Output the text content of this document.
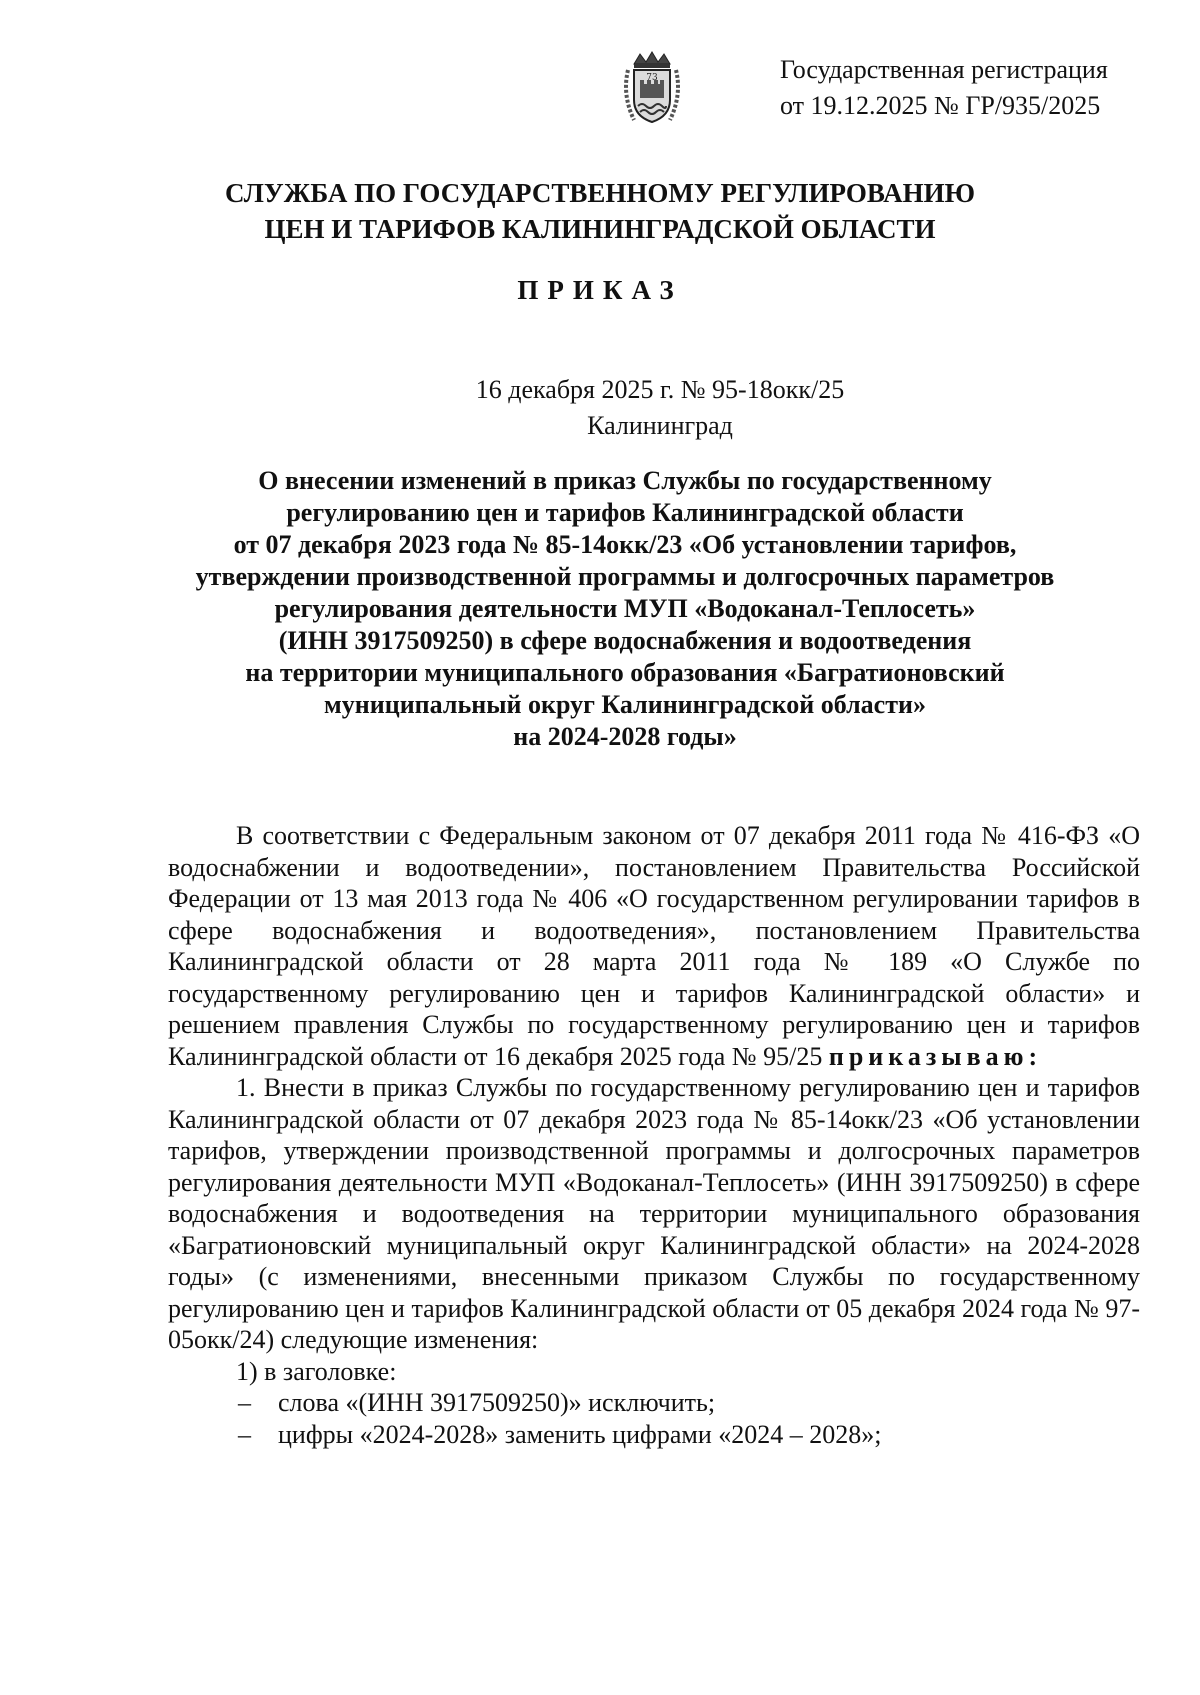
73	Государственная регистрация
от 19.12.2025 № ГР/935/2025
СЛУЖБА ПО ГОСУДАРСТВЕННОМУ РЕГУЛИРОВАНИЮ
ЦЕН И ТАРИФОВ КАЛИНИНГРАДСКОЙ ОБЛАСТИ
ПРИКАЗ
16 декабря 2025 г. № 95-18окк/25
Калининград
О внесении изменений в приказ Службы по государственному
регулированию цен и тарифов Калининградской области
от 07 декабря 2023 года № 85-14окк/23 «Об установлении тарифов,
утверждении производственной программы и долгосрочных параметров
регулирования деятельности МУП «Водоканал-Теплосеть»
(ИНН 3917509250) в сфере водоснабжения и водоотведения
на территории муниципального образования «Багратионовский
муниципальный округ Калининградской области»
на 2024-2028 годы»

В соответствии с Федеральным законом от 07 декабря 2011 года № 416-ФЗ «О водоснабжении и водоотведении», постановлением Правительства Российской Федерации от 13 мая 2013 года № 406 «О государственном регулировании тарифов в сфере водоснабжения и водоотведения», постановлением Правительства Калининградской области от 28 марта 2011 года № 189 «О Службе по государственному регулированию цен и тарифов Калининградской области» и решением правления Службы по государственному регулированию цен и тарифов Калининградской области от 16 декабря 2025 года № 95/25 приказываю:

1. Внести в приказ Службы по государственному регулированию цен и тарифов Калининградской области от 07 декабря 2023 года № 85-14окк/23 «Об установлении тарифов, утверждении производственной программы и долгосрочных параметров регулирования деятельности МУП «Водоканал-Теплосеть» (ИНН 3917509250) в сфере водоснабжения и водоотведения на территории муниципального образования «Багратионовский муниципальный округ Калининградской области» на 2024-2028 годы» (с изменениями, внесенными приказом Службы по государственному регулированию цен и тарифов Калининградской области от 05 декабря 2024 года № 97-05окк/24) следующие изменения:

1) в заголовке:

–	слова «(ИНН 3917509250)» исключить;
–	цифры «2024-2028» заменить цифрами «2024 – 2028»;
